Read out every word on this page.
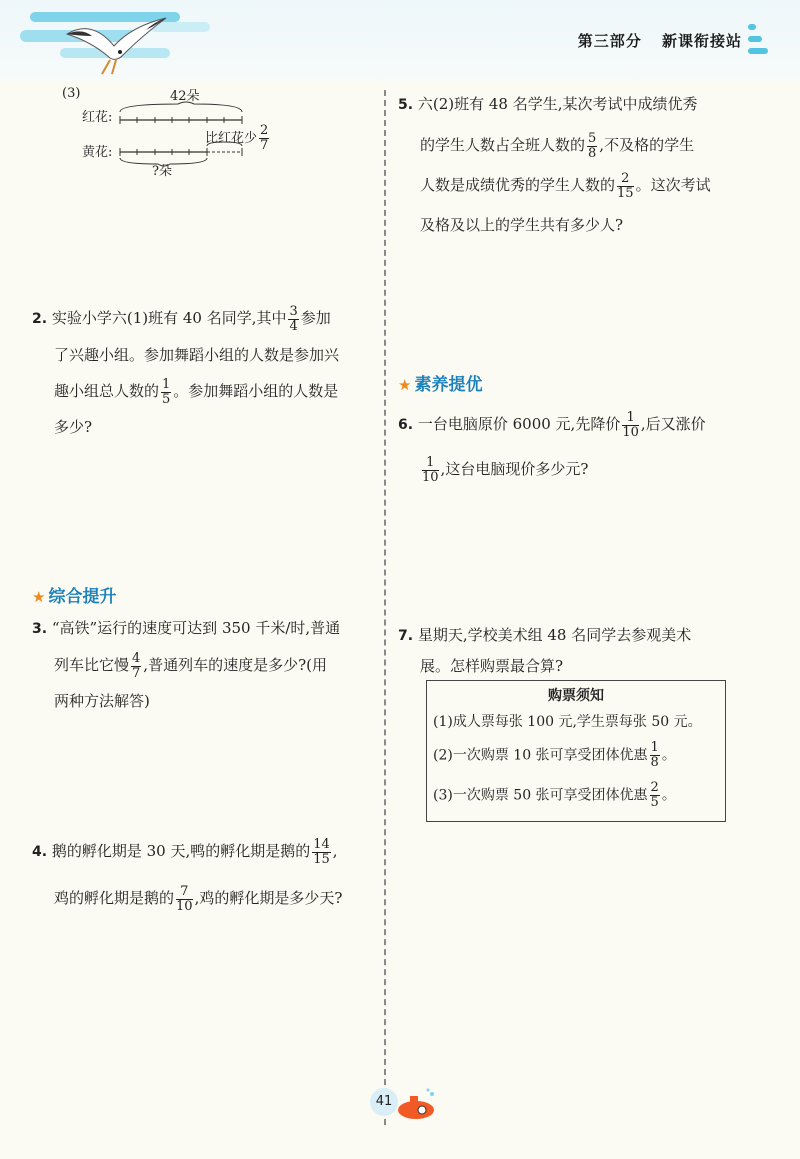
第三部分 新课衔接站
(3)
红花:
黄花:
42朵
比红花少 $\frac{2}{7}$
?朵
2. 实验小学六(1)班有 40 名同学,其中 $\frac{3}{4}$ 参加
了兴趣小组。参加舞蹈小组的人数是参加兴
趣小组总人数的 $\frac{1}{5}$ 。参加舞蹈小组的人数是
多少?
★ 综合提升
3. “高铁”运行的速度可达到 350 千米/时,普通
列车比它慢 $\frac{4}{7}$ ,普通列车的速度是多少?(用
两种方法解答)
4. 鹅的孵化期是 30 天,鸭的孵化期是鹅的 $\frac{14}{15}$ ,
鸡的孵化期是鹅的 $\frac{7}{10}$ ,鸡的孵化期是多少天?
5. 六(2)班有 48 名学生,某次考试中成绩优秀
的学生人数占全班人数的 $\frac{5}{8}$ ,不及格的学生
人数是成绩优秀的学生人数的 $\frac{2}{15}$ 。这次考试
及格及以上的学生共有多少人?
★ 素养提优
6. 一台电脑原价 6000 元,先降价 $\frac{1}{10}$ ,后又涨价
$\frac{1}{10}$ ,这台电脑现价多少元?
7. 星期天,学校美术组 48 名同学去参观美术
展。怎样购票最合算?
购票须知
(1)成人票每张 100 元,学生票每张 50 元。
(2)一次购票 10 张可享受团体优惠 $\frac{1}{8}$ 。
(3)一次购票 50 张可享受团体优惠 $\frac{2}{5}$ 。
41
